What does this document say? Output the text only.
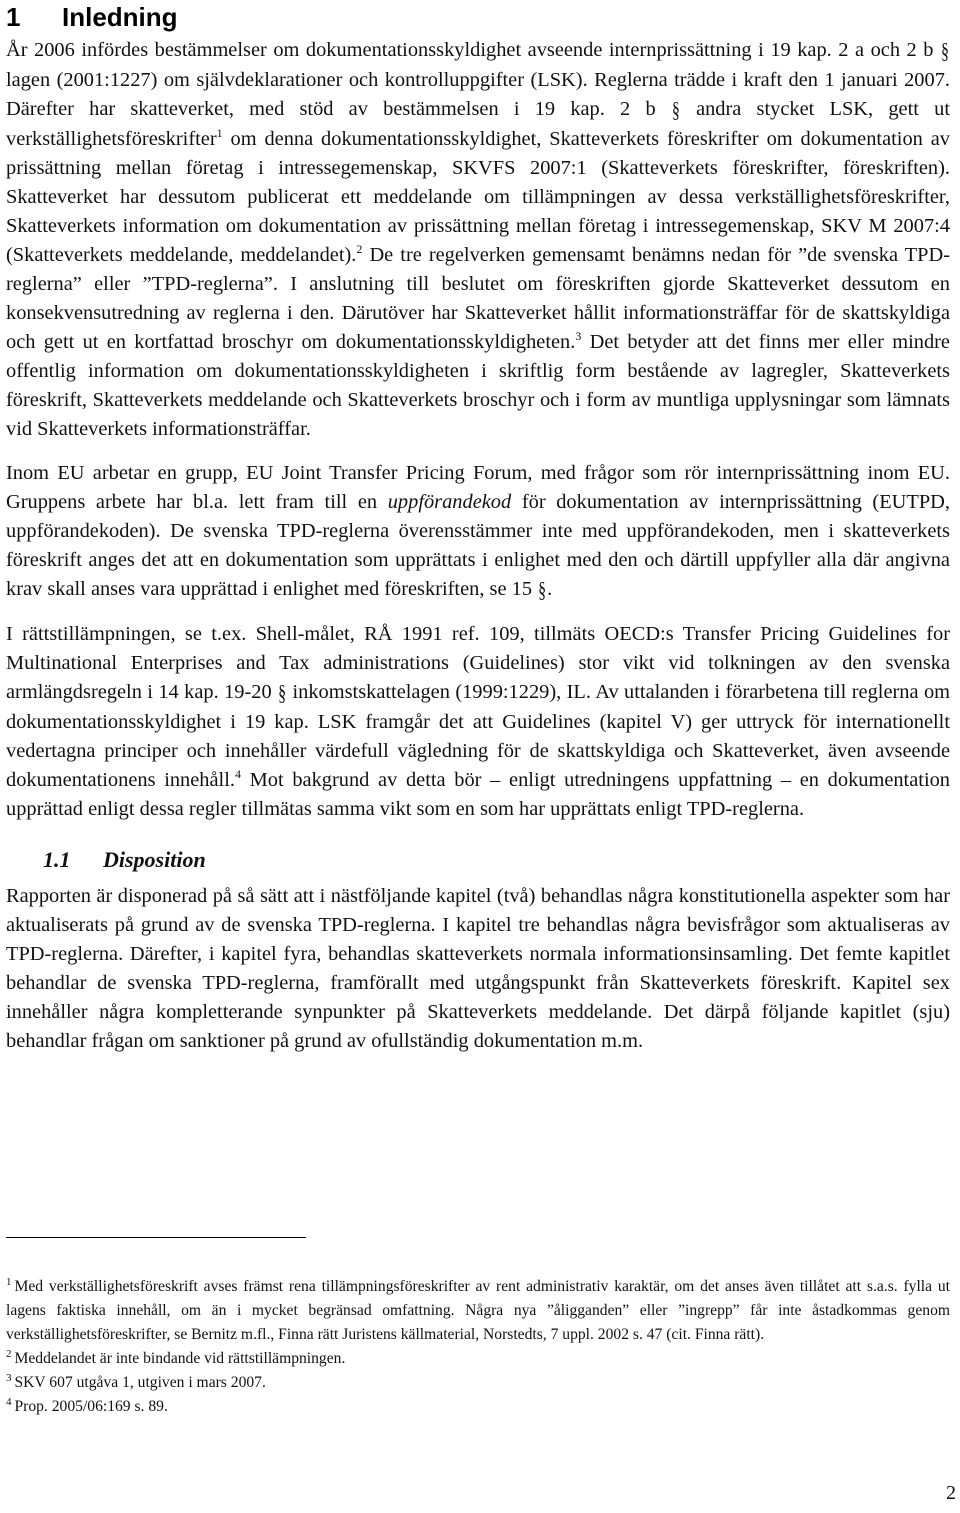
1 Inledning

År 2006 infördes bestämmelser om dokumentationsskyldighet avseende internprissättning i 19 kap. 2 a och 2 b § lagen (2001:1227) om självdeklarationer och kontrolluppgifter (LSK). Reglerna trädde i kraft den 1 januari 2007. Därefter har skatteverket, med stöd av bestämmelsen i 19 kap. 2 b § andra stycket LSK, gett ut verkställighetsföreskrifter$^1$ om denna dokumentationsskyldighet, Skatteverkets föreskrifter om dokumentation av prissättning mellan företag i intressegemenskap, SKVFS 2007:1 (Skatteverkets föreskrifter, föreskriften). Skatteverket har dessutom publicerat ett meddelande om tillämpningen av dessa verkställighetsföreskrifter, Skatteverkets information om dokumentation av prissättning mellan företag i intressegemenskap, SKV M 2007:4 (Skatteverkets meddelande, meddelandet).$^2$ De tre regelverken gemensamt benämns nedan för ”de svenska TPD-reglerna” eller ”TPD-reglerna”. I anslutning till beslutet om föreskriften gjorde Skatteverket dessutom en konsekvensutredning av reglerna i den. Därutöver har Skatteverket hållit informationsträffar för de skattskyldiga och gett ut en kortfattad broschyr om dokumentationsskyldigheten.$^3$ Det betyder att det finns mer eller mindre offentlig information om dokumentationsskyldigheten i skriftlig form bestående av lagregler, Skatteverkets föreskrift, Skatteverkets meddelande och Skatteverkets broschyr och i form av muntliga upplysningar som lämnats vid Skatteverkets informationsträffar.

Inom EU arbetar en grupp, EU Joint Transfer Pricing Forum, med frågor som rör internprissättning inom EU. Gruppens arbete har bl.a. lett fram till en uppförandekod för dokumentation av internprissättning (EUTPD, uppförandekoden). De svenska TPD-reglerna överensstämmer inte med uppförandekoden, men i skatteverkets föreskrift anges det att en dokumentation som upprättats i enlighet med den och därtill uppfyller alla där angivna krav skall anses vara upprättad i enlighet med föreskriften, se 15 §.

I rättstillämpningen, se t.ex. Shell-målet, RÅ 1991 ref. 109, tillmäts OECD:s Transfer Pricing Guidelines for Multinational Enterprises and Tax administrations (Guidelines) stor vikt vid tolkningen av den svenska armlängdsregeln i 14 kap. 19-20 § inkomstskattelagen (1999:1229), IL. Av uttalanden i förarbetena till reglerna om dokumentationsskyldighet i 19 kap. LSK framgår det att Guidelines (kapitel V) ger uttryck för internationellt vedertagna principer och innehåller värdefull vägledning för de skattskyldiga och Skatteverket, även avseende dokumentationens innehåll.$^4$ Mot bakgrund av detta bör – enligt utredningens uppfattning – en dokumentation upprättad enligt dessa regler tillmätas samma vikt som en som har upprättats enligt TPD-reglerna.

1.1 Disposition

Rapporten är disponerad på så sätt att i nästföljande kapitel (två) behandlas några konstitutionella aspekter som har aktualiserats på grund av de svenska TPD-reglerna. I kapitel tre behandlas några bevisfrågor som aktualiseras av TPD-reglerna. Därefter, i kapitel fyra, behandlas skatteverkets normala informationsinsamling. Det femte kapitlet behandlar de svenska TPD-reglerna, framförallt med utgångspunkt från Skatteverkets föreskrift. Kapitel sex innehåller några kompletterande synpunkter på Skatteverkets meddelande. Det därpå följande kapitlet (sju) behandlar frågan om sanktioner på grund av ofullständig dokumentation m.m.

$^1$ Med verkställighetsföreskrift avses främst rena tillämpningsföreskrifter av rent administrativ karaktär, om det anses även tillåtet att s.a.s. fylla ut lagens faktiska innehåll, om än i mycket begränsad omfattning. Några nya ”åligganden” eller ”ingrepp” får inte åstadkommas genom verkställighetsföreskrifter, se Bernitz m.fl., Finna rätt Juristens källmaterial, Norstedts, 7 uppl. 2002 s. 47 (cit. Finna rätt).

$^2$ Meddelandet är inte bindande vid rättstillämpningen.

$^3$ SKV 607 utgåva 1, utgiven i mars 2007.

$^4$ Prop. 2005/06:169 s. 89.

2
